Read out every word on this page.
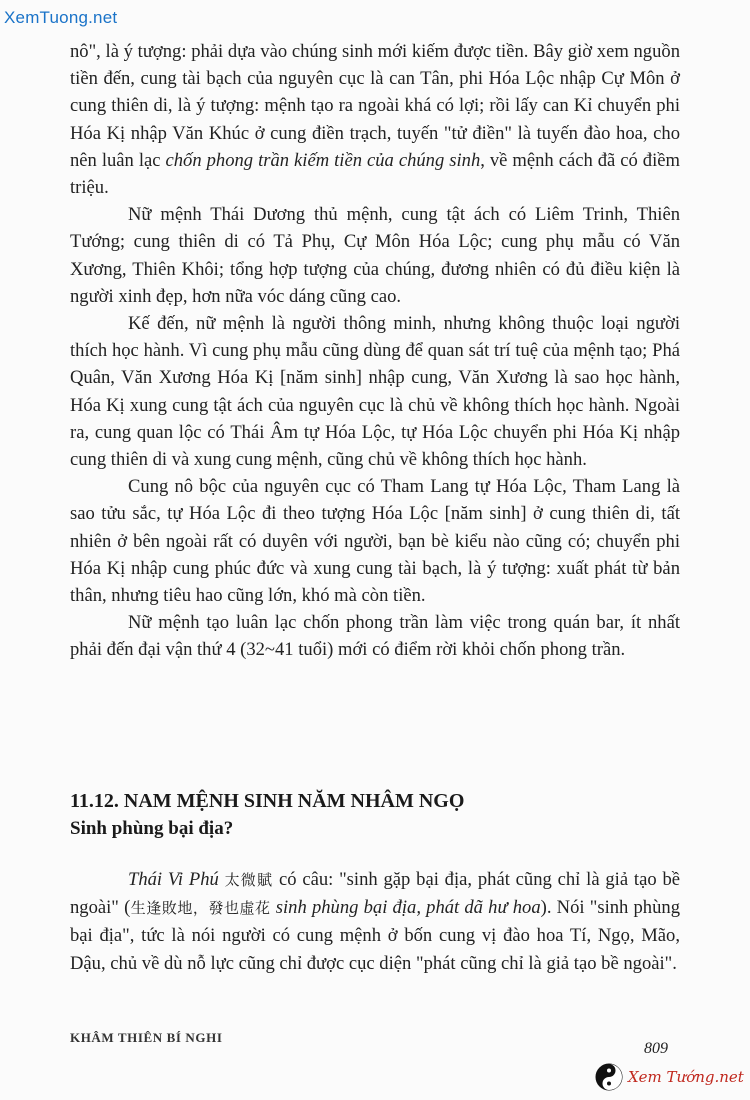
XemTuong.net

nô", là ý tượng: phải dựa vào chúng sinh mới kiếm được tiền. Bây giờ xem nguồn tiền đến, cung tài bạch của nguyên cục là can Tân, phi Hóa Lộc nhập Cự Môn ở cung thiên di, là ý tượng: mệnh tạo ra ngoài khá có lợi; rồi lấy can Kỉ chuyển phi Hóa Kị nhập Văn Khúc ở cung điền trạch, tuyến "tử điền" là tuyến đào hoa, cho nên luân lạc chốn phong trần kiếm tiền của chúng sinh, về mệnh cách đã có điềm triệu.

Nữ mệnh Thái Dương thủ mệnh, cung tật ách có Liêm Trinh, Thiên Tướng; cung thiên di có Tả Phụ, Cự Môn Hóa Lộc; cung phụ mẫu có Văn Xương, Thiên Khôi; tổng hợp tượng của chúng, đương nhiên có đủ điều kiện là người xinh đẹp, hơn nữa vóc dáng cũng cao.

Kế đến, nữ mệnh là người thông minh, nhưng không thuộc loại người thích học hành. Vì cung phụ mẫu cũng dùng để quan sát trí tuệ của mệnh tạo; Phá Quân, Văn Xương Hóa Kị [năm sinh] nhập cung, Văn Xương là sao học hành, Hóa Kị xung cung tật ách của nguyên cục là chủ về không thích học hành. Ngoài ra, cung quan lộc có Thái Âm tự Hóa Lộc, tự Hóa Lộc chuyển phi Hóa Kị nhập cung thiên di và xung cung mệnh, cũng chủ về không thích học hành.

Cung nô bộc của nguyên cục có Tham Lang tự Hóa Lộc, Tham Lang là sao tửu sắc, tự Hóa Lộc đi theo tượng Hóa Lộc [năm sinh] ở cung thiên di, tất nhiên ở bên ngoài rất có duyên với người, bạn bè kiểu nào cũng có; chuyển phi Hóa Kị nhập cung phúc đức và xung cung tài bạch, là ý tượng: xuất phát từ bản thân, nhưng tiêu hao cũng lớn, khó mà còn tiền.

Nữ mệnh tạo luân lạc chốn phong trần làm việc trong quán bar, ít nhất phải đến đại vận thứ 4 (32~41 tuổi) mới có điểm rời khỏi chốn phong trần.

11.12. NAM MỆNH SINH NĂM NHÂM NGỌ
Sinh phùng bại địa?

Thái Vi Phú 太微賦 có câu: "sinh gặp bại địa, phát cũng chỉ là giả tạo bề ngoài" (生逢敗地，發也虛花 sinh phùng bại địa, phát dã hư hoa). Nói "sinh phùng bại địa", tức là nói người có cung mệnh ở bốn cung vị đào hoa Tí, Ngọ, Mão, Dậu, chủ về dù nỗ lực cũng chỉ được cục diện "phát cũng chỉ là giả tạo bề ngoài".

KHÂM THIÊN BÍ NGHI
809
Xem Tướng.net
